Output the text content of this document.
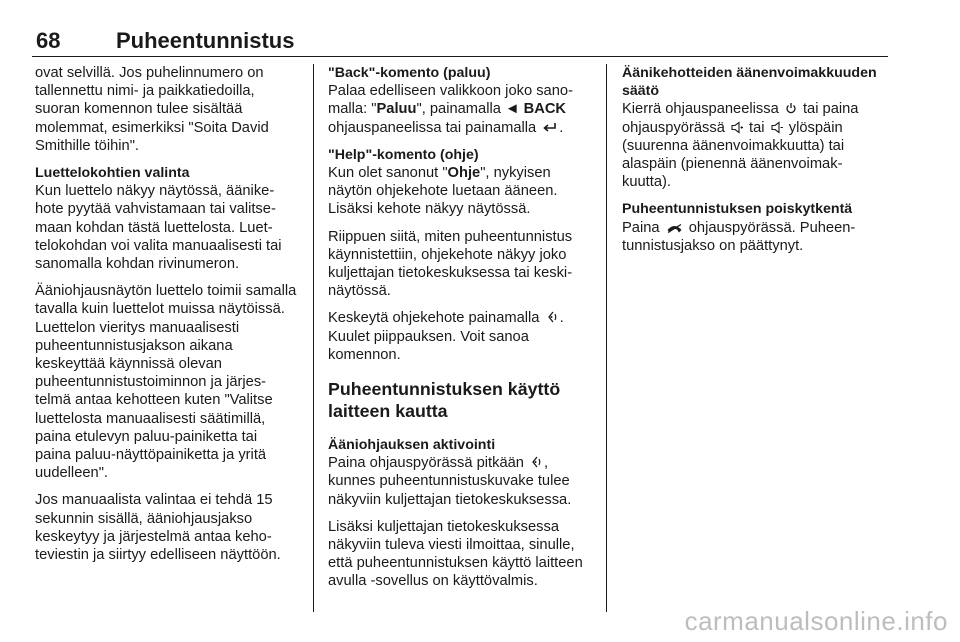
68	Puheentunnistus

ovat selvillä. Jos puhelinnumero on tallennettu nimi- ja paikkatiedoilla, suoran komennon tulee sisältää molemmat, esimerkiksi "Soita David Smithille töihin".

Luettelokohtien valinta

Kun luettelo näkyy näytössä, äänikehote pyytää vahvistamaan tai valitsemaan kohdan tästä luettelosta. Luettelokohdan voi valita manuaalisesti tai sanomalla kohdan rivinumeron.

Ääniohjausnäytön luettelo toimii samalla tavalla kuin luettelot muissa näytöissä. Luettelon vieritys manuaalisesti puheentunnistusjakson aikana keskeyttää käynnissä olevan puheentunnistustoiminnon ja järjestelmä antaa kehotteen kuten "Valitse luettelosta manuaalisesti säätimillä, paina etulevyn paluu-painiketta tai paina paluu-näyttöpainiketta ja yritä uudelleen".

Jos manuaalista valintaa ei tehdä 15 sekunnin sisällä, ääniohjausjakso keskeytyy ja järjestelmä antaa kehoteviestin ja siirtyy edelliseen näyttöön.

"Back"-komento (paluu)

Palaa edelliseen valikkoon joko sanomalla: "Paluu", painamalla ◄ BACK ohjauspaneelissa tai painamalla .

"Help"-komento (ohje)

Kun olet sanonut "Ohje", nykyisen näytön ohjekehote luetaan ääneen. Lisäksi kehote näkyy näytössä.

Riippuen siitä, miten puheentunnistus käynnistettiin, ohjekehote näkyy joko kuljettajan tietokeskuksessa tai keskinäytössä.

Keskeytä ohjekehote painamalla . Kuulet piippauksen. Voit sanoa komennon.

Puheentunnistuksen käyttö laitteen kautta
Ääniohjauksen aktivointi

Paina ohjauspyörässä pitkään , kunnes puheentunnistuskuvake tulee näkyviin kuljettajan tietokeskuksessa.

Lisäksi kuljettajan tietokeskuksessa näkyviin tuleva viesti ilmoittaa, sinulle, että puheentunnistuksen käyttö laitteen avulla -sovellus on käyttövalmis.

Äänikehotteiden äänenvoimakkuuden säätö

Kierrä ohjauspaneelissa  tai paina ohjauspyörässä  tai  ylöspäin (suurenna äänenvoimakkuutta) tai alaspäin (pienennä äänenvoimakkuutta).

Puheentunnistuksen poiskytkentä

Paina  ohjauspyörässä. Puheentunnistusjakso on päättynyt.

carmanualsonline.info
